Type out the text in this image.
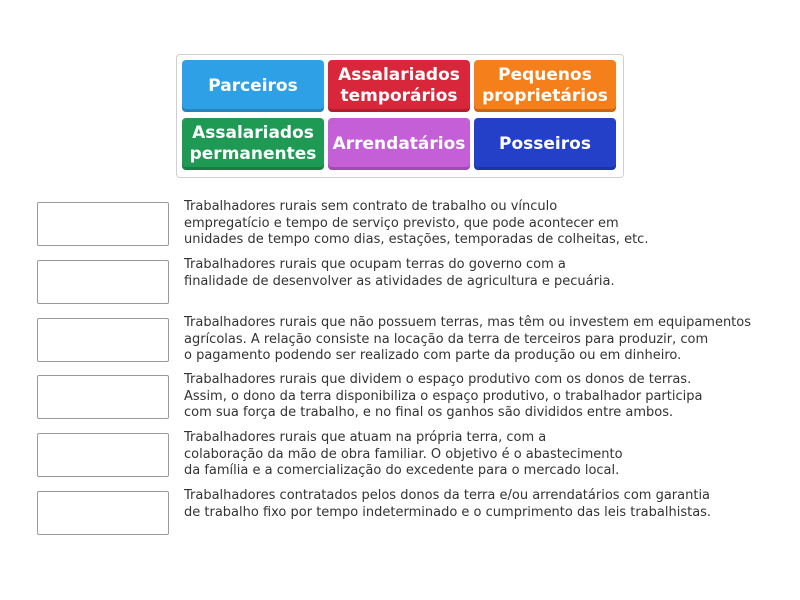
Parceiros
Assalariados temporários
Pequenos proprietários
Assalariados permanentes
Arrendatários	Posseiros
Trabalhadores rurais sem contrato de trabalho ou vínculo
empregatício e tempo de serviço previsto, que pode acontecer em
unidades de tempo como dias, estações, temporadas de colheitas, etc.
Trabalhadores rurais que ocupam terras do governo com a
finalidade de desenvolver as atividades de agricultura e pecuária.
Trabalhadores rurais que não possuem terras, mas têm ou investem em equipamentos
agrícolas. A relação consiste na locação da terra de terceiros para produzir, com
o pagamento podendo ser realizado com parte da produção ou em dinheiro.
Trabalhadores rurais que dividem o espaço produtivo com os donos de terras.
Assim, o dono da terra disponibiliza o espaço produtivo, o trabalhador participa
com sua força de trabalho, e no final os ganhos são divididos entre ambos.
Trabalhadores rurais que atuam na própria terra, com a
colaboração da mão de obra familiar. O objetivo é o abastecimento
da família e a comercialização do excedente para o mercado local.
Trabalhadores contratados pelos donos da terra e/ou arrendatários com garantia
de trabalho fixo por tempo indeterminado e o cumprimento das leis trabalhistas.
